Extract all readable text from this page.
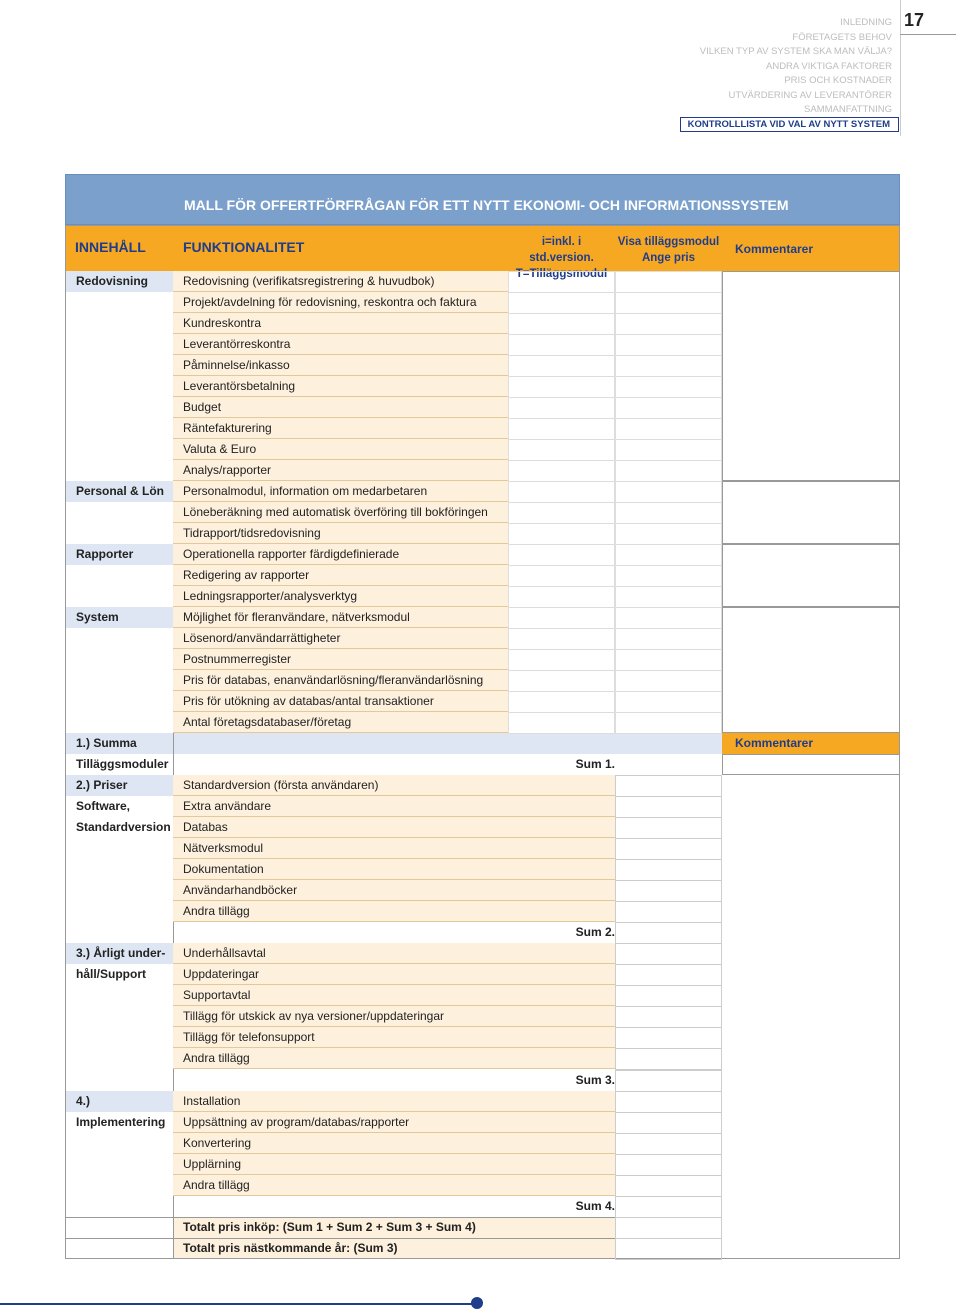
INLEDNING
FÖRETAGETS BEHOV
VILKEN TYP AV SYSTEM SKA MAN VÄLJA?
ANDRA VIKTIGA FAKTORER
PRIS OCH KOSTNADER
UTVÄRDERING AV LEVERANTÖRER
SAMMANFATTNING
KONTROLLLISTA VID VAL AV NYTT SYSTEM
17
MALL FÖR OFFERTFÖRFRÅGAN FÖR ETT NYTT EKONOMI- OCH INFORMATIONSSYSTEM
INNEHÅLL	FUNKTIONALITET	i=inkl. i std.version.
T=Tilläggsmodul
Visa tilläggsmodul
Ange pris
Kommentarer
Redovisning
Personal & Lön
Rapporter
System
1.) Summa
Tilläggsmoduler
2.) Priser
Software,
Standardversion
3.) Årligt under-
håll/Support
4.)
Implementering
Sum 1.
Sum 2.
Sum 3.
Sum 4.
Kommentarer
Totalt pris inköp: (Sum 1 + Sum 2 + Sum 3 + Sum 4)
Totalt pris nästkommande år: (Sum 3)
Redovisning (verifikatsregistrering & huvudbok)
Projekt/avdelning för redovisning, reskontra och faktura
Kundreskontra
Leverantörreskontra
Påminnelse/inkasso
Leverantörsbetalning
Budget
Räntefakturering
Valuta & Euro
Analys/rapporter
Personalmodul, information om medarbetaren
Löneberäkning med automatisk överföring till bokföringen
Tidrapport/tidsredovisning
Operationella rapporter färdigdefinierade
Redigering av rapporter
Ledningsrapporter/analysverktyg
Möjlighet för fleranvändare, nätverksmodul
Lösenord/användarrättigheter
Postnummerregister
Pris för databas, enanvändarlösning/fleranvändarlösning
Pris för utökning av databas/antal transaktioner
Antal företagsdatabaser/företag
Standardversion (första användaren)
Extra användare
Databas
Nätverksmodul
Dokumentation
Användarhandböcker
Andra tillägg
Underhållsavtal
Uppdateringar
Supportavtal
Tillägg för utskick av nya versioner/uppdateringar
Tillägg för telefonsupport
Andra tillägg
Installation
Uppsättning av program/databas/rapporter
Konvertering
Upplärning
Andra tillägg
